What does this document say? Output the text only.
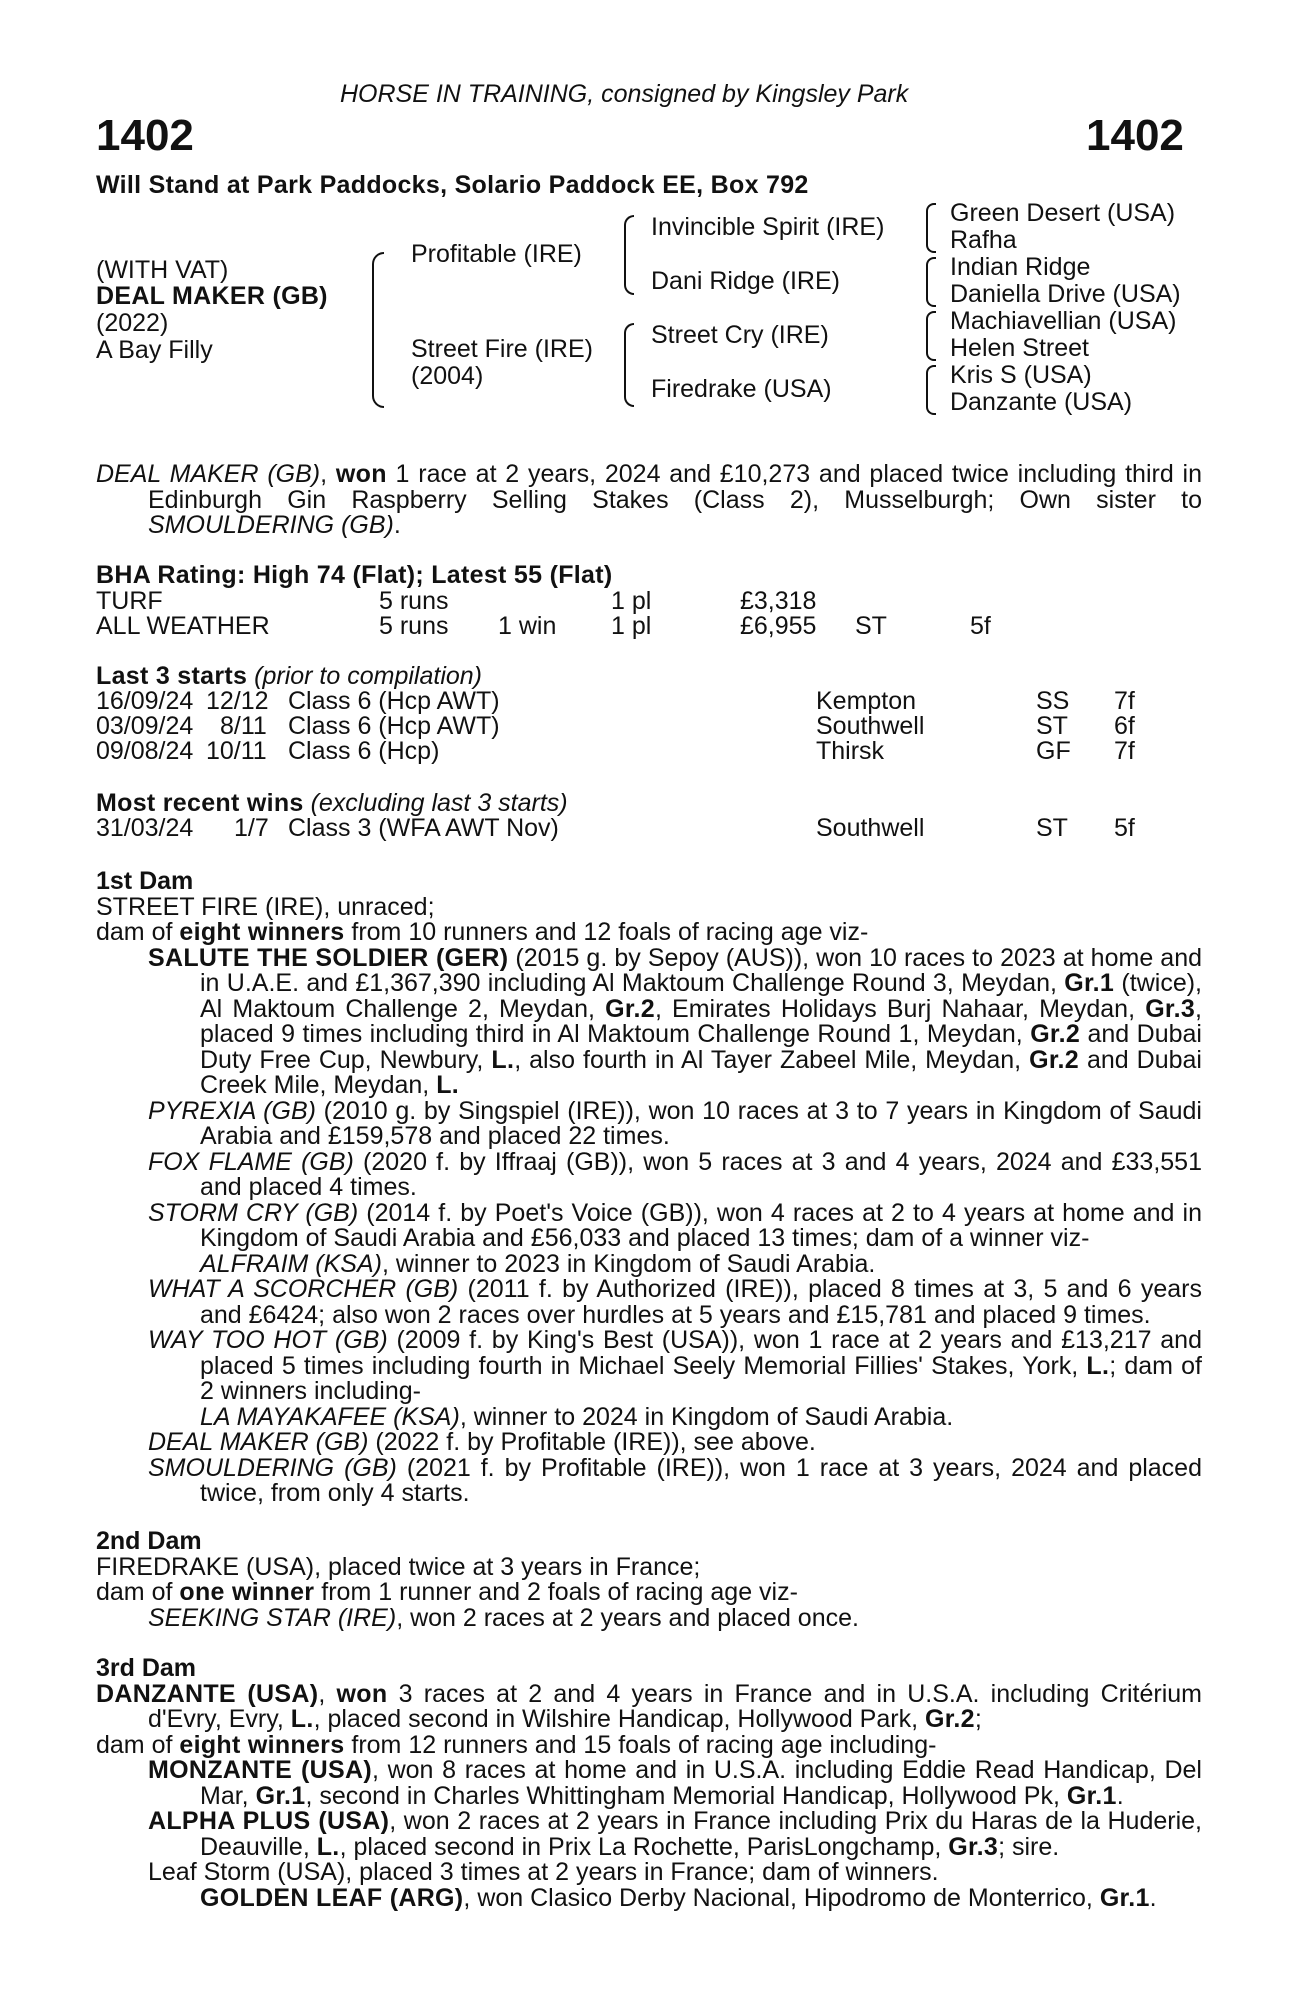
HORSE IN TRAINING, consigned by Kingsley Park
1402	1402
Will Stand at Park Paddocks, Solario Paddock EE, Box 792
(WITH VAT)
DEAL MAKER (GB)
(2022)
A Bay Filly
Profitable (IRE)
Street Fire (IRE)
(2004)
Invincible Spirit (IRE)
Dani Ridge (IRE)
Street Cry (IRE)
Firedrake (USA)
Green Desert (USA)
Rafha
Indian Ridge
Daniella Drive (USA)
Machiavellian (USA)
Helen Street
Kris S (USA)
Danzante (USA)
DEAL MAKER (GB), won 1 race at 2 years, 2024 and £10,273 and placed twice including third in Edinburgh Gin Raspberry Selling Stakes (Class 2), Musselburgh; Own sister to SMOULDERING (GB).
BHA Rating: High 74 (Flat); Latest 55 (Flat)
TURF	5 runs	1 pl	£3,318
ALL WEATHER	5 runs 1 win 1 pl	£6,955 ST	5f
Last 3 starts (prior to compilation)
16/09/24 12/12 Class 6 (Hcp AWT)	Kempton	SS 7f
03/09/24 8/11 Class 6 (Hcp AWT)	Southwell	ST 6f
09/08/24 10/11 Class 6 (Hcp)	Thirsk	GF 7f
Most recent wins (excluding last 3 starts)
31/03/24 1/7 Class 3 (WFA AWT Nov)	Southwell	ST 5f
1st Dam
STREET FIRE (IRE), unraced;
dam of eight winners from 10 runners and 12 foals of racing age viz-
SALUTE THE SOLDIER (GER) (2015 g. by Sepoy (AUS)), won 10 races to 2023 at home and in U.A.E. and £1,367,390 including Al Maktoum Challenge Round 3, Meydan, Gr.1 (twice), Al Maktoum Challenge 2, Meydan, Gr.2, Emirates Holidays Burj Nahaar, Meydan, Gr.3, placed 9 times including third in Al Maktoum Challenge Round 1, Meydan, Gr.2 and Dubai Duty Free Cup, Newbury, L., also fourth in Al Tayer Zabeel Mile, Meydan, Gr.2 and Dubai Creek Mile, Meydan, L.
PYREXIA (GB) (2010 g. by Singspiel (IRE)), won 10 races at 3 to 7 years in Kingdom of Saudi Arabia and £159,578 and placed 22 times.
FOX FLAME (GB) (2020 f. by Iffraaj (GB)), won 5 races at 3 and 4 years, 2024 and £33,551 and placed 4 times.
STORM CRY (GB) (2014 f. by Poet's Voice (GB)), won 4 races at 2 to 4 years at home and in Kingdom of Saudi Arabia and £56,033 and placed 13 times; dam of a winner viz-
ALFRAIM (KSA), winner to 2023 in Kingdom of Saudi Arabia.
WHAT A SCORCHER (GB) (2011 f. by Authorized (IRE)), placed 8 times at 3, 5 and 6 years and £6424; also won 2 races over hurdles at 5 years and £15,781 and placed 9 times.
WAY TOO HOT (GB) (2009 f. by King's Best (USA)), won 1 race at 2 years and £13,217 and placed 5 times including fourth in Michael Seely Memorial Fillies' Stakes, York, L.; dam of 2 winners including-
LA MAYAKAFEE (KSA), winner to 2024 in Kingdom of Saudi Arabia.
DEAL MAKER (GB) (2022 f. by Profitable (IRE)), see above.
SMOULDERING (GB) (2021 f. by Profitable (IRE)), won 1 race at 3 years, 2024 and placed twice, from only 4 starts.
2nd Dam
FIREDRAKE (USA), placed twice at 3 years in France;
dam of one winner from 1 runner and 2 foals of racing age viz-
SEEKING STAR (IRE), won 2 races at 2 years and placed once.
3rd Dam
DANZANTE (USA), won 3 races at 2 and 4 years in France and in U.S.A. including Critérium d'Evry, Evry, L., placed second in Wilshire Handicap, Hollywood Park, Gr.2;
dam of eight winners from 12 runners and 15 foals of racing age including-
MONZANTE (USA), won 8 races at home and in U.S.A. including Eddie Read Handicap, Del Mar, Gr.1, second in Charles Whittingham Memorial Handicap, Hollywood Pk, Gr.1.
ALPHA PLUS (USA), won 2 races at 2 years in France including Prix du Haras de la Huderie, Deauville, L., placed second in Prix La Rochette, ParisLongchamp, Gr.3; sire.
Leaf Storm (USA), placed 3 times at 2 years in France; dam of winners.
GOLDEN LEAF (ARG), won Clasico Derby Nacional, Hipodromo de Monterrico, Gr.1.
